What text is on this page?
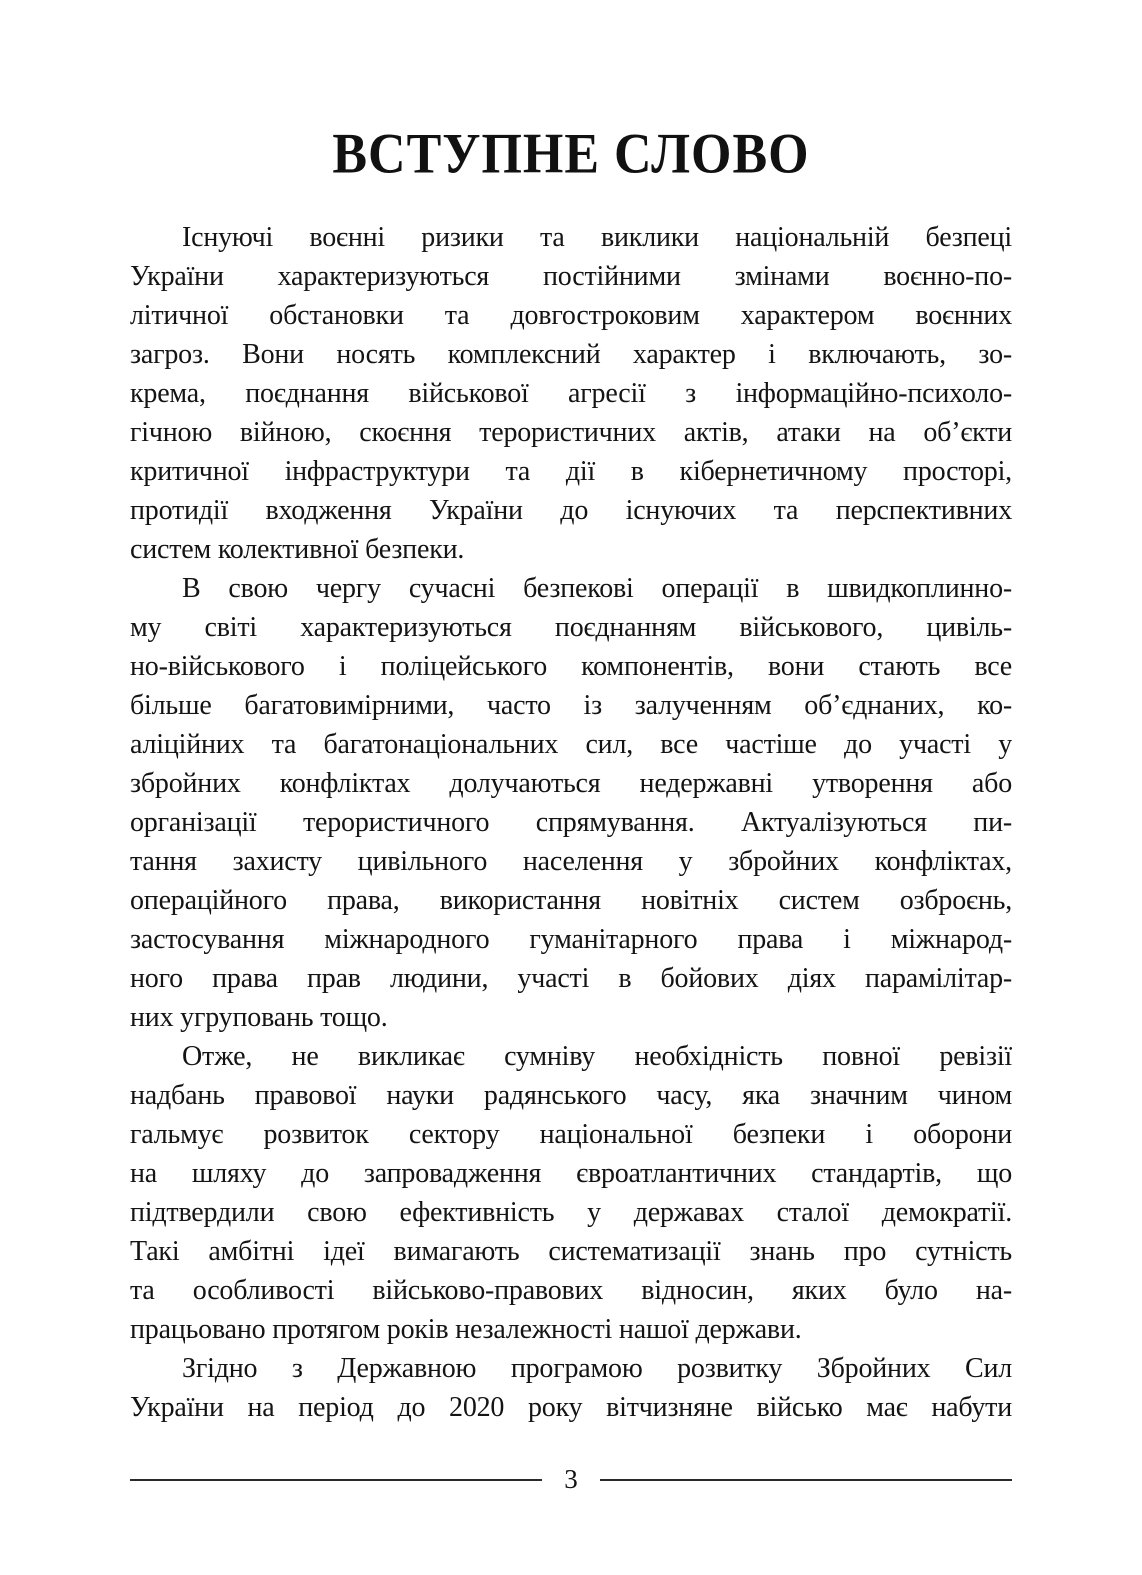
ВСТУПНЕ СЛОВО
Існуючі воєнні ризики та виклики національній безпеці
України характеризуються постійними змінами воєнно-по-
літичної обстановки та довгостроковим характером воєнних
загроз. Вони носять комплексний характер і включають, зо-
крема, поєднання військової агресії з інформаційно-психоло-
гічною війною, скоєння терористичних актів, атаки на об’єкти
критичної інфраструктури та дії в кібернетичному просторі,
протидії входження України до існуючих та перспективних
систем колективної безпеки.
В свою чергу сучасні безпекові операції в швидкоплинно-
му світі характеризуються поєднанням військового, цивіль-
но-військового і поліцейського компонентів, вони стають все
більше багатовимірними, часто із залученням об’єднаних, ко-
аліційних та багатонаціональних сил, все частіше до участі у
збройних конфліктах долучаються недержавні утворення або
організації терористичного спрямування. Актуалізуються пи-
тання захисту цивільного населення у збройних конфліктах,
операційного права, використання новітніх систем озброєнь,
застосування міжнародного гуманітарного права і міжнарод-
ного права прав людини, участі в бойових діях парамілітар-
них угруповань тощо.
Отже, не викликає сумніву необхідність повної ревізії
надбань правової науки радянського часу, яка значним чином
гальмує розвиток сектору національної безпеки і оборони
на шляху до запровадження євроатлантичних стандартів, що
підтвердили свою ефективність у державах сталої демократії.
Такі амбітні ідеї вимагають систематизації знань про сутність
та особливості військово-правових відносин, яких було на-
працьовано протягом років незалежності нашої держави.
Згідно з Державною програмою розвитку Збройних Сил
України на період до 2020 року вітчизняне військо має набути
3
